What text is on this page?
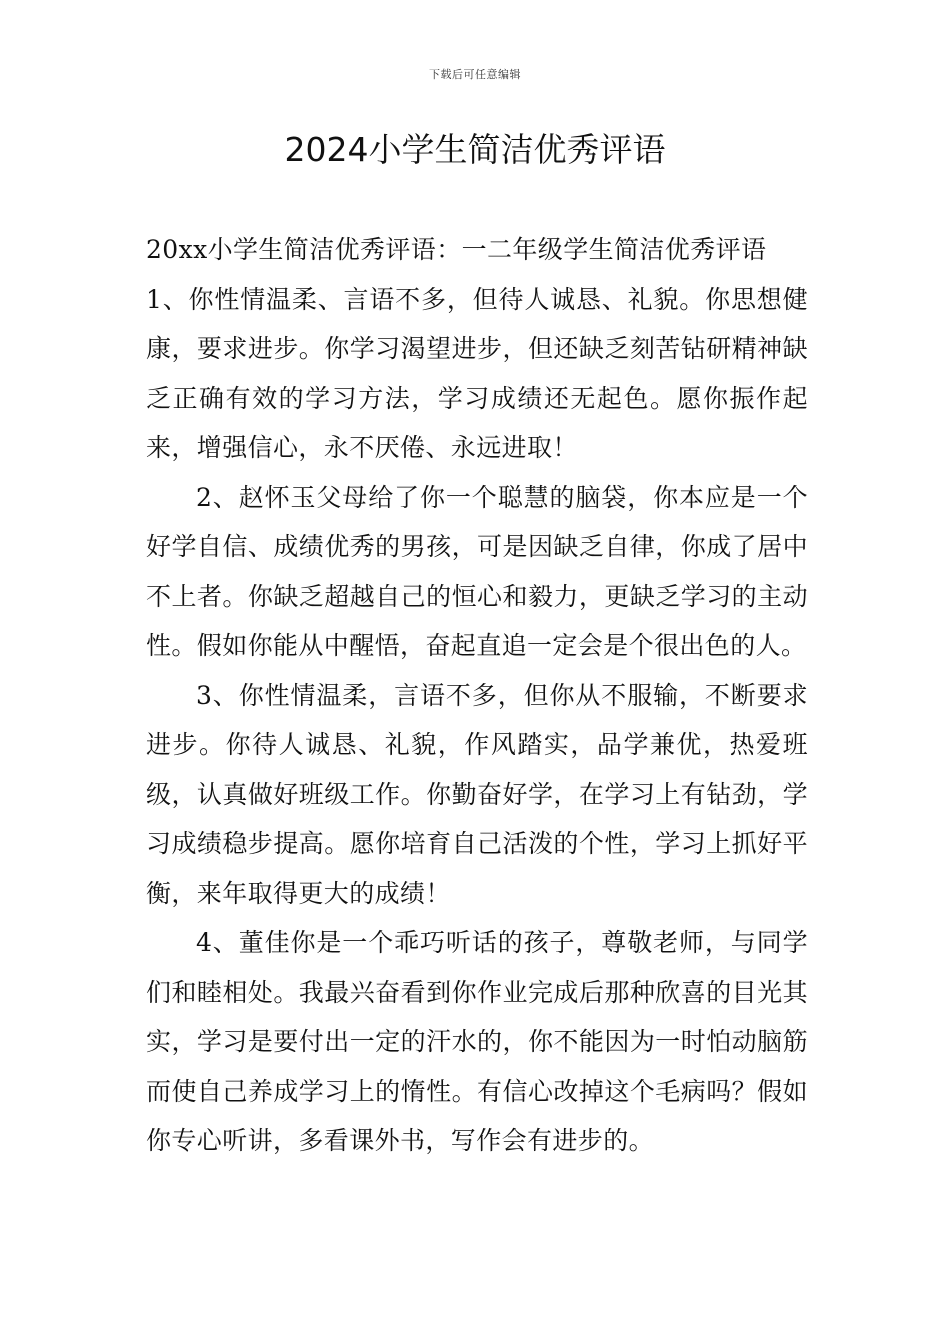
下载后可任意编辑
2024小学生简洁优秀评语

20xx小学生简洁优秀评语：一二年级学生简洁优秀评语

1、你性情温柔、言语不多，但待人诚恳、礼貌。你思想健康，要求进步。你学习渴望进步，但还缺乏刻苦钻研精神缺乏正确有效的学习方法，学习成绩还无起色。愿你振作起来，增强信心，永不厌倦、永远进取！

2、赵怀玉父母给了你一个聪慧的脑袋，你本应是一个好学自信、成绩优秀的男孩，可是因缺乏自律，你成了居中不上者。你缺乏超越自己的恒心和毅力，更缺乏学习的主动性。假如你能从中醒悟，奋起直追一定会是个很出色的人。

3、你性情温柔，言语不多，但你从不服输，不断要求进步。你待人诚恳、礼貌，作风踏实，品学兼优，热爱班级，认真做好班级工作。你勤奋好学，在学习上有钻劲，学习成绩稳步提高。愿你培育自己活泼的个性，学习上抓好平衡，来年取得更大的成绩！

4、董佳你是一个乖巧听话的孩子，尊敬老师，与同学们和睦相处。我最兴奋看到你作业完成后那种欣喜的目光其实，学习是要付出一定的汗水的，你不能因为一时怕动脑筋而使自己养成学习上的惰性。有信心改掉这个毛病吗？假如你专心听讲，多看课外书，写作会有进步的。
